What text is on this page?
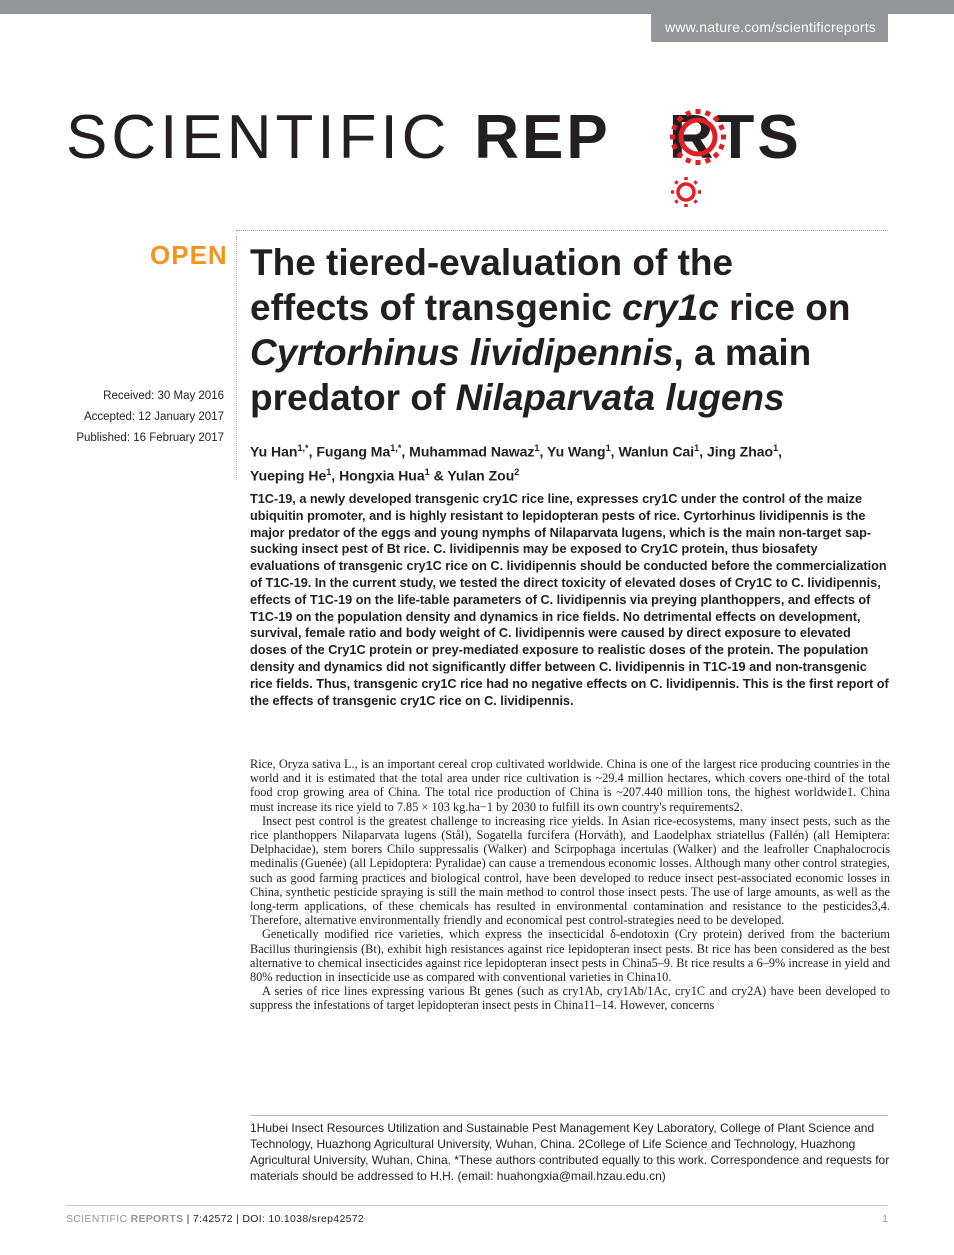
www.nature.com/scientificreports
SCIENTIFIC REP RTS
OPEN
Received: 30 May 2016
Accepted: 12 January 2017
Published: 16 February 2017
The tiered-evaluation of the
effects of transgenic cry1c rice on
Cyrtorhinus lividipennis, a main
predator of Nilaparvata lugens
Yu Han$^{1,*}$, Fugang $Ma^{1,*}$, Muhammad Nawaz$^1$, Yu Wang$^1$, Wanlun Cai$^1$, Jing Zhao$^1$,
Yueping He$^1$, Hongxia Hua$^1$ & Yulan Zou$^2$
T1C-19, a newly developed transgenic cry1C rice line, expresses cry1C under the control of the maize ubiquitin promoter, and is highly resistant to lepidopteran pests of rice. Cyrtorhinus lividipennis is the major predator of the eggs and young nymphs of Nilaparvata lugens, which is the main non-target sap-sucking insect pest of Bt rice. C. lividipennis may be exposed to Cry1C protein, thus biosafety evaluations of transgenic cry1C rice on C. lividipennis should be conducted before the commercialization of T1C-19. In the current study, we tested the direct toxicity of elevated doses of Cry1C to C. lividipennis, effects of T1C-19 on the life-table parameters of C. lividipennis via preying planthoppers, and effects of T1C-19 on the population density and dynamics in rice fields. No detrimental effects on development, survival, female ratio and body weight of C. lividipennis were caused by direct exposure to elevated doses of the Cry1C protein or prey-mediated exposure to realistic doses of the protein. The population density and dynamics did not significantly differ between C. lividipennis in T1C-19 and non-transgenic rice fields. Thus, transgenic cry1C rice had no negative effects on C. lividipennis. This is the first report of the effects of transgenic cry1C rice on C. lividipennis.

Rice, Oryza sativa L., is an important cereal crop cultivated worldwide. China is one of the largest rice producing countries in the world and it is estimated that the total area under rice cultivation is ~29.4 million hectares, which covers one-third of the total food crop growing area of China. The total rice production of China is ~207.440 million tons, the highest worldwide1. China must increase its rice yield to 7.85 × 103 kg.ha−1 by 2030 to fulfill its own country's requirements2.

Insect pest control is the greatest challenge to increasing rice yields. In Asian rice-ecosystems, many insect pests, such as the rice planthoppers Nilaparvata lugens (Stål), Sogatella furcifera (Horváth), and Laodelphax striatellus (Fallén) (all Hemiptera: Delphacidae), stem borers Chilo suppressalis (Walker) and Scirpophaga incertulas (Walker) and the leafroller Cnaphalocrocis medinalis (Guenée) (all Lepidoptera: Pyralidae) can cause a tremendous economic losses. Although many other control strategies, such as good farming practices and biological control, have been developed to reduce insect pest-associated economic losses in China, synthetic pesticide spraying is still the main method to control those insect pests. The use of large amounts, as well as the long-term applications, of these chemicals has resulted in environmental contamination and resistance to the pesticides3,4. Therefore, alternative environmentally friendly and economical pest control-strategies need to be developed.

Genetically modified rice varieties, which express the insecticidal δ-endotoxin (Cry protein) derived from the bacterium Bacillus thuringiensis (Bt), exhibit high resistances against rice lepidopteran insect pests. Bt rice has been considered as the best alternative to chemical insecticides against rice lepidopteran insect pests in China5–9. Bt rice results a 6–9% increase in yield and 80% reduction in insecticide use as compared with conventional varieties in China10.

A series of rice lines expressing various Bt genes (such as cry1Ab, cry1Ab/1Ac, cry1C and cry2A) have been developed to suppress the infestations of target lepidopteran insect pests in China11–14. However, concerns

1Hubei Insect Resources Utilization and Sustainable Pest Management Key Laboratory, College of Plant Science and Technology, Huazhong Agricultural University, Wuhan, China. 2College of Life Science and Technology, Huazhong Agricultural University, Wuhan, China. *These authors contributed equally to this work. Correspondence and requests for materials should be addressed to H.H. (email: huahongxia@mail.hzau.edu.cn)
SCIENTIFIC REPORTS | 7:42572 | DOI: 10.1038/srep42572	1
